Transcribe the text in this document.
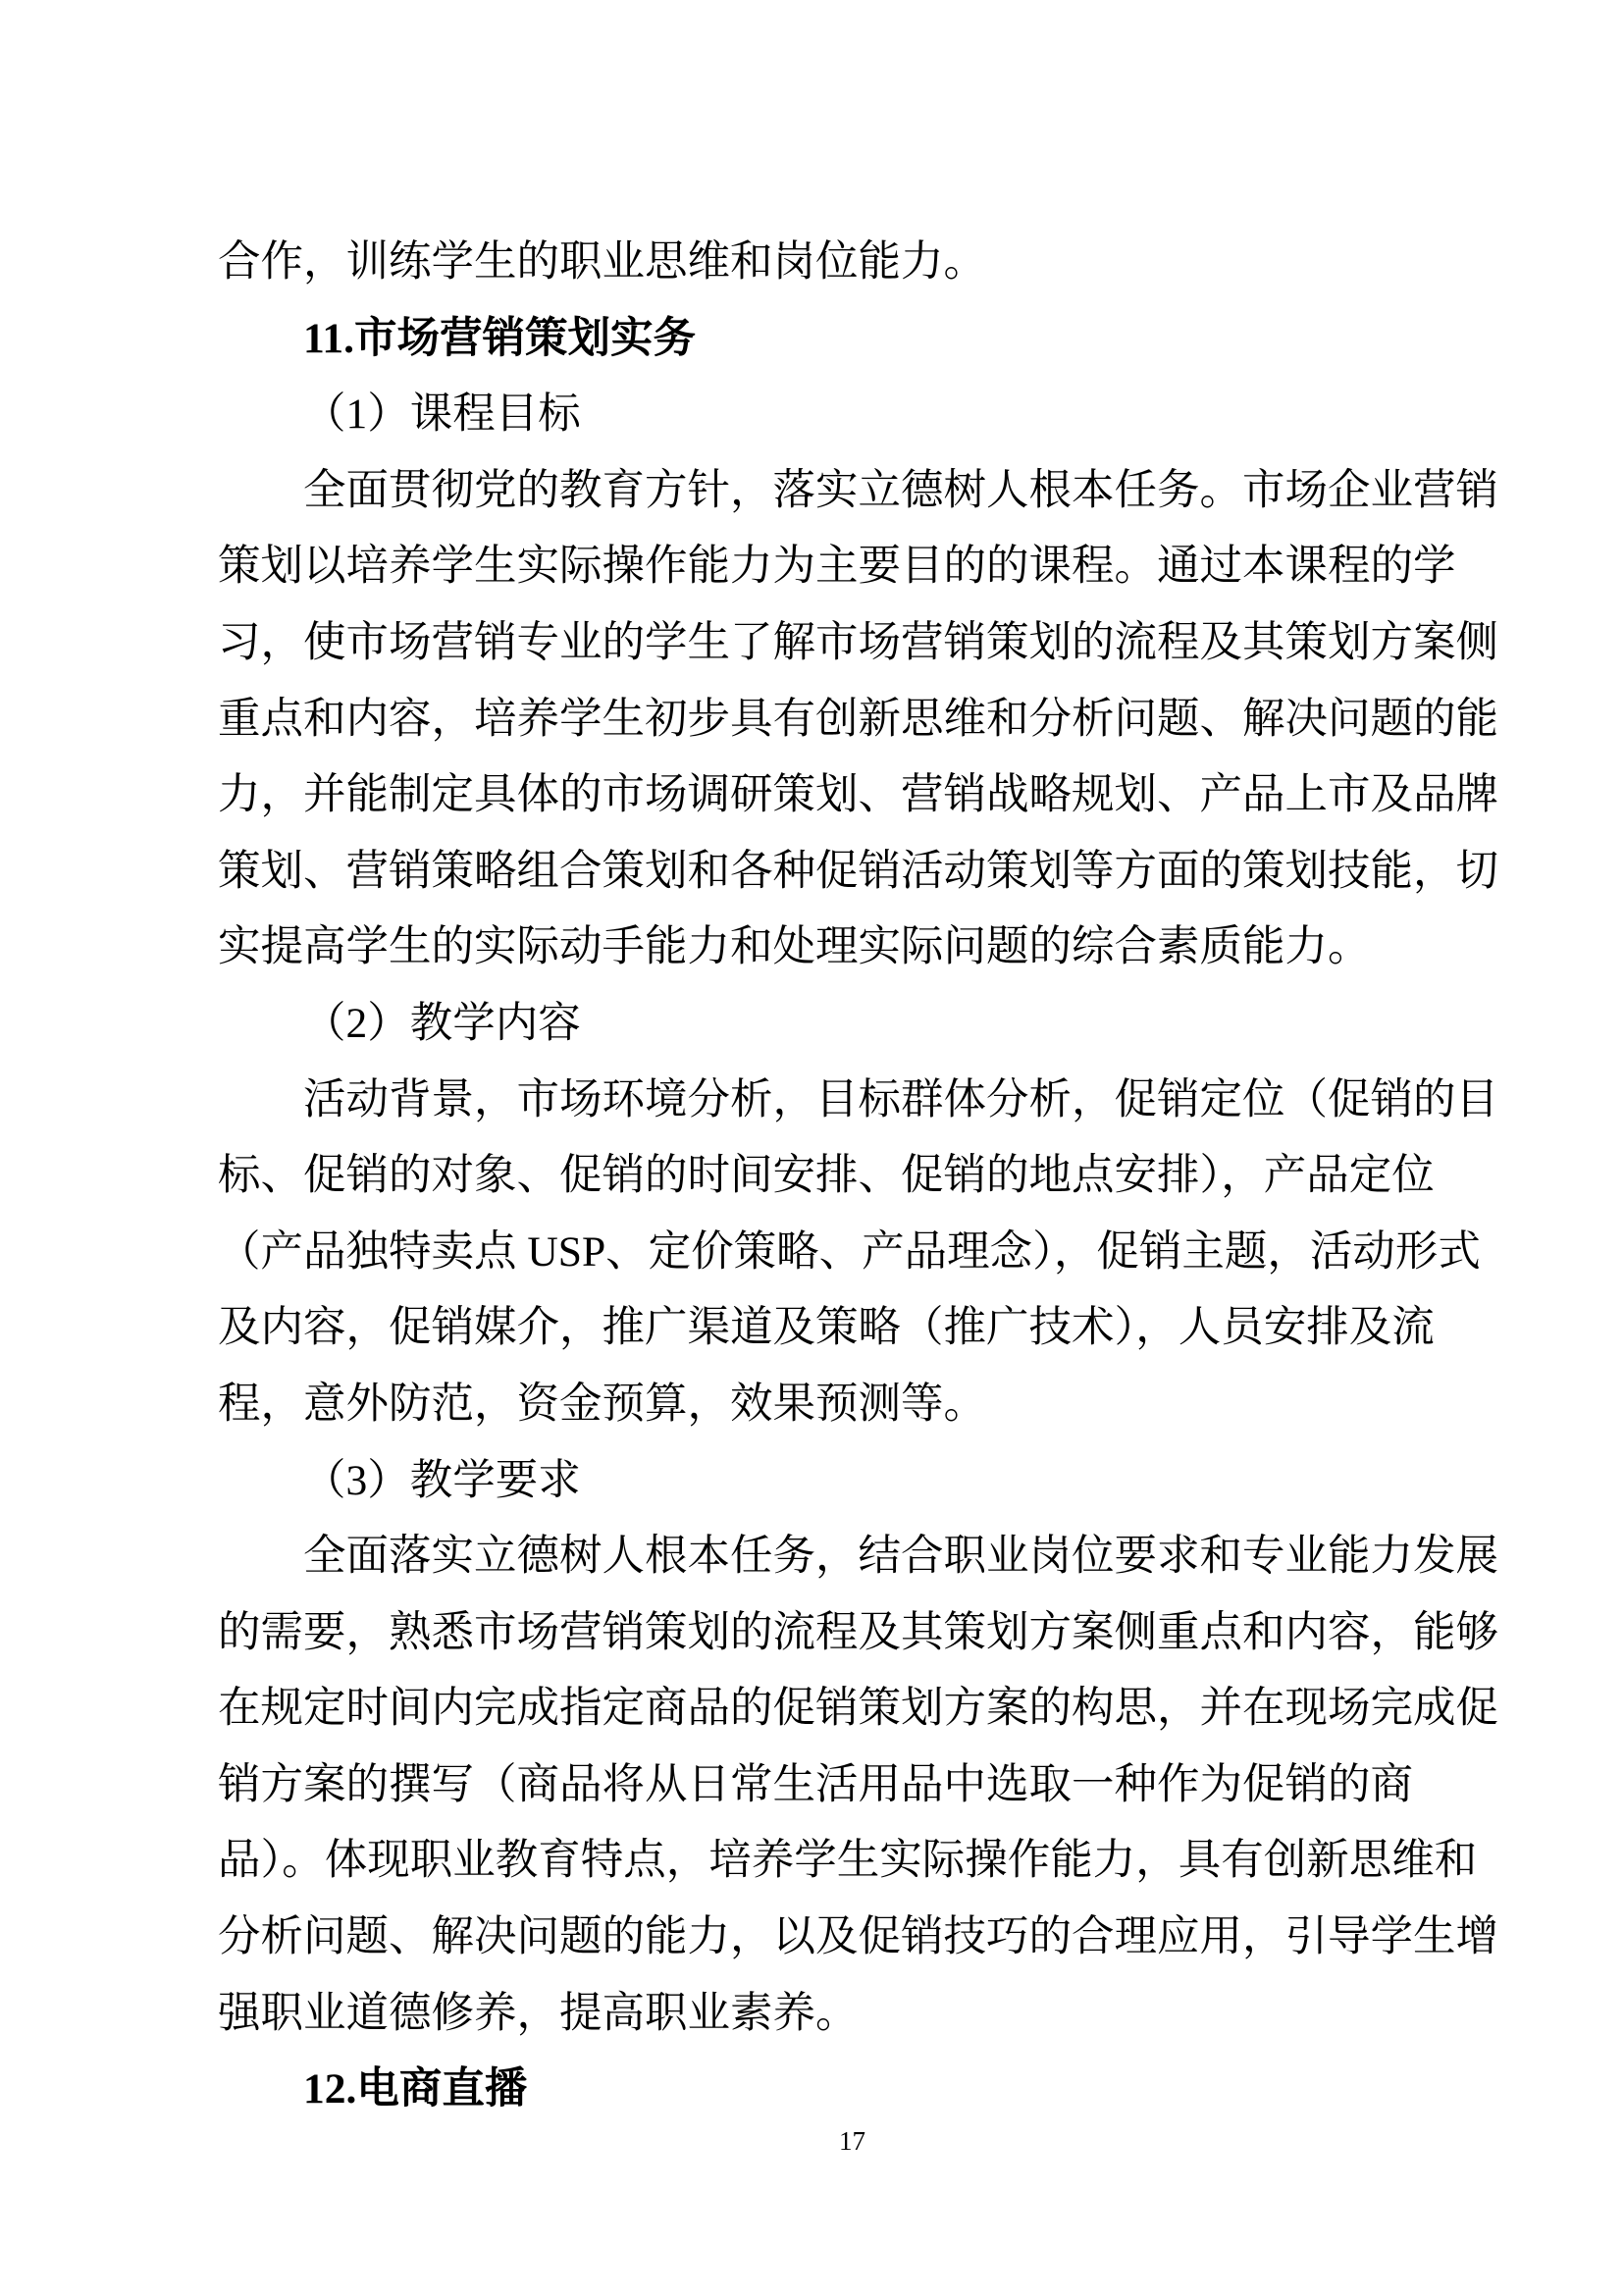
合作，训练学生的职业思维和岗位能力。
11.市场营销策划实务
（1）课程目标
全面贯彻党的教育方针，落实立德树人根本任务。市场企业营销
策划以培养学生实际操作能力为主要目的的课程。通过本课程的学
习，使市场营销专业的学生了解市场营销策划的流程及其策划方案侧
重点和内容，培养学生初步具有创新思维和分析问题、解决问题的能
力，并能制定具体的市场调研策划、营销战略规划、产品上市及品牌
策划、营销策略组合策划和各种促销活动策划等方面的策划技能，切
实提高学生的实际动手能力和处理实际问题的综合素质能力。
（2）教学内容
活动背景，市场环境分析，目标群体分析，促销定位（促销的目
标、促销的对象、促销的时间安排、促销的地点安排），产品定位
（产品独特卖点 USP、定价策略、产品理念），促销主题，活动形式
及内容，促销媒介，推广渠道及策略（推广技术），人员安排及流
程，意外防范，资金预算，效果预测等。
（3）教学要求
全面落实立德树人根本任务，结合职业岗位要求和专业能力发展
的需要，熟悉市场营销策划的流程及其策划方案侧重点和内容，能够
在规定时间内完成指定商品的促销策划方案的构思，并在现场完成促
销方案的撰写（商品将从日常生活用品中选取一种作为促销的商
品）。体现职业教育特点，培养学生实际操作能力，具有创新思维和
分析问题、解决问题的能力，以及促销技巧的合理应用，引导学生增
强职业道德修养，提高职业素养。
12.电商直播
17
